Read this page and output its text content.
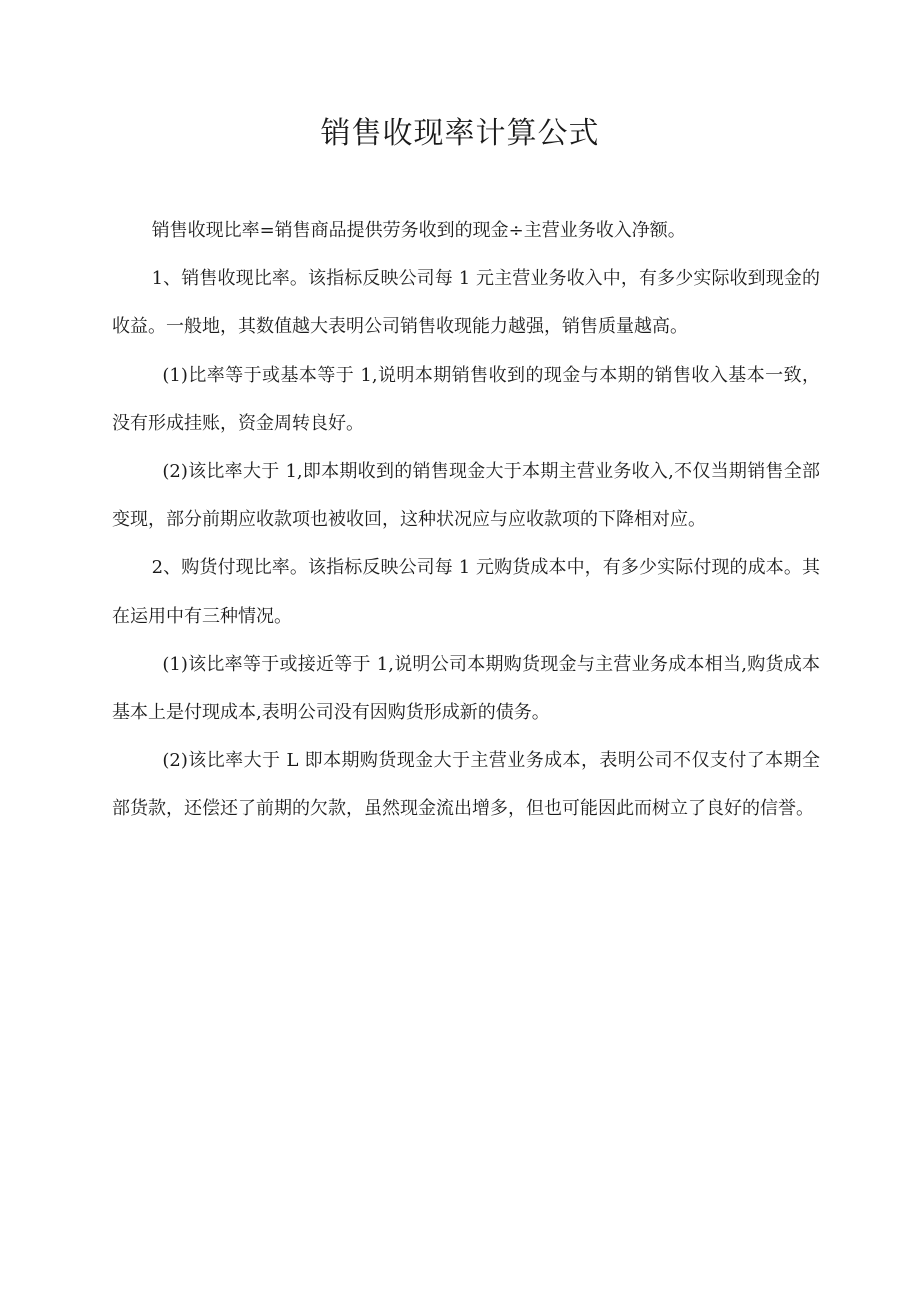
销售收现率计算公式

销售收现比率=销售商品提供劳务收到的现金÷主营业务收入净额。

1、销售收现比率。该指标反映公司每 1 元主营业务收入中，有多少实际收到现金的收益。一般地，其数值越大表明公司销售收现能力越强，销售质量越高。

(1)比率等于或基本等于 1,说明本期销售收到的现金与本期的销售收入基本一致，没有形成挂账，资金周转良好。

(2)该比率大于 1,即本期收到的销售现金大于本期主营业务收入,不仅当期销售全部变现，部分前期应收款项也被收回，这种状况应与应收款项的下降相对应。

2、购货付现比率。该指标反映公司每 1 元购货成本中，有多少实际付现的成本。其在运用中有三种情况。

(1)该比率等于或接近等于 1,说明公司本期购货现金与主营业务成本相当,购货成本基本上是付现成本,表明公司没有因购货形成新的债务。

(2)该比率大于 L 即本期购货现金大于主营业务成本，表明公司不仅支付了本期全部货款，还偿还了前期的欠款，虽然现金流出增多，但也可能因此而树立了良好的信誉。
